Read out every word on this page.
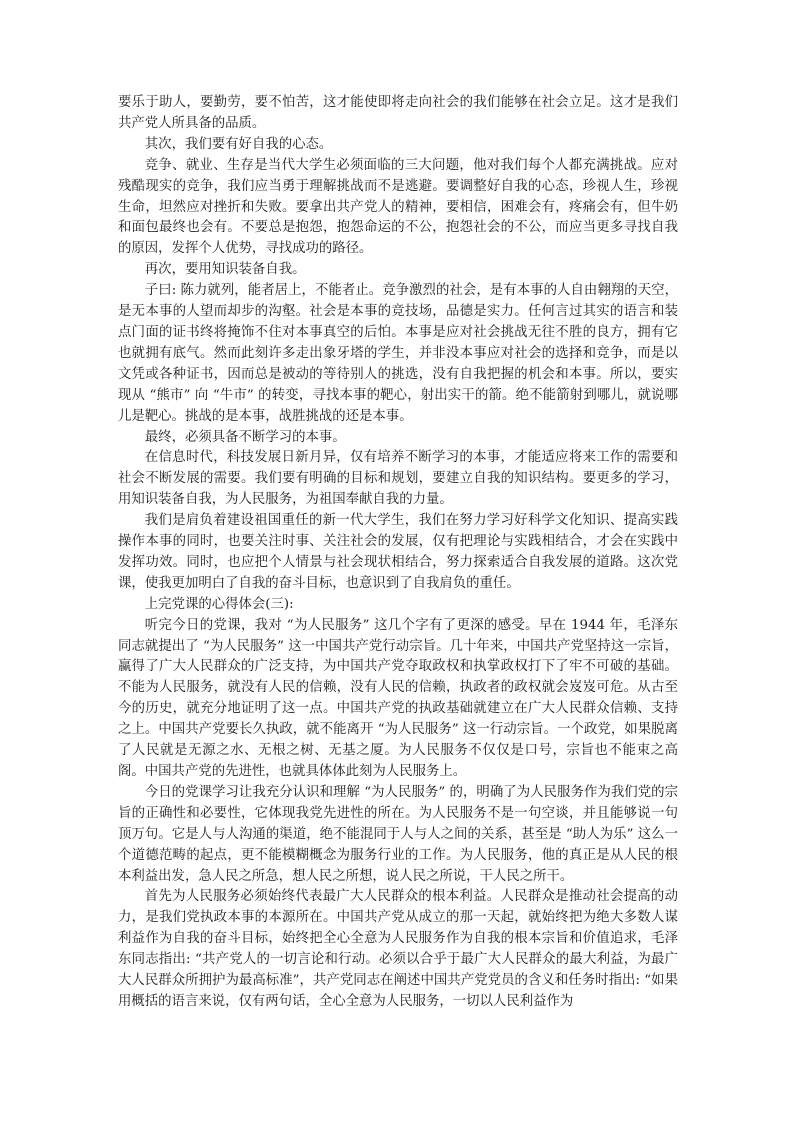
要乐于助人，要勤劳，要不怕苦，这才能使即将走向社会的我们能够在社会立足。这才是我们共产党人所具备的品质。

其次，我们要有好自我的心态。

竞争、就业、生存是当代大学生必须面临的三大问题，他对我们每个人都充满挑战。应对残酷现实的竞争，我们应当勇于理解挑战而不是逃避。要调整好自我的心态，珍视人生，珍视生命，坦然应对挫折和失败。要拿出共产党人的精神，要相信，困难会有，疼痛会有，但牛奶和面包最终也会有。不要总是抱怨，抱怨命运的不公，抱怨社会的不公，而应当更多寻找自我的原因，发挥个人优势，寻找成功的路径。

再次，要用知识装备自我。

子曰: 陈力就列，能者居上，不能者止。竞争激烈的社会，是有本事的人自由翱翔的天空，是无本事的人望而却步的沟壑。社会是本事的竞技场，品德是实力。任何言过其实的语言和装点门面的证书终将掩饰不住对本事真空的后怕。本事是应对社会挑战无往不胜的良方，拥有它也就拥有底气。然而此刻许多走出象牙塔的学生，并非没本事应对社会的选择和竞争，而是以文凭或各种证书，因而总是被动的等待别人的挑选，没有自我把握的机会和本事。所以，要实现从 “熊市” 向 “牛市” 的转变，寻找本事的靶心，射出实干的箭。绝不能箭射到哪儿，就说哪儿是靶心。挑战的是本事，战胜挑战的还是本事。

最终，必须具备不断学习的本事。

在信息时代，科技发展日新月异，仅有培养不断学习的本事，才能适应将来工作的需要和社会不断发展的需要。我们要有明确的目标和规划，要建立自我的知识结构。要更多的学习，用知识装备自我，为人民服务，为祖国奉献自我的力量。

我们是肩负着建设祖国重任的新一代大学生，我们在努力学习好科学文化知识、提高实践操作本事的同时，也要关注时事、关注社会的发展，仅有把理论与实践相结合，才会在实践中发挥功效。同时，也应把个人情景与社会现状相结合，努力探索适合自我发展的道路。这次党课，使我更加明白了自我的奋斗目标，也意识到了自我肩负的重任。

上完党课的心得体会(三):

听完今日的党课，我对 “为人民服务” 这几个字有了更深的感受。早在 1944 年，毛泽东同志就提出了 “为人民服务” 这一中国共产党行动宗旨。几十年来，中国共产党坚持这一宗旨，赢得了广大人民群众的广泛支持，为中国共产党夺取政权和执掌政权打下了牢不可破的基础。不能为人民服务，就没有人民的信赖，没有人民的信赖，执政者的政权就会岌岌可危。从古至今的历史，就充分地证明了这一点。中国共产党的执政基础就建立在广大人民群众信赖、支持之上。中国共产党要长久执政，就不能离开 “为人民服务” 这一行动宗旨。一个政党，如果脱离了人民就是无源之水、无根之树、无基之厦。为人民服务不仅仅是口号，宗旨也不能束之高阁。中国共产党的先进性，也就具体体此刻为人民服务上。

今日的党课学习让我充分认识和理解 “为人民服务” 的，明确了为人民服务作为我们党的宗旨的正确性和必要性，它体现我党先进性的所在。为人民服务不是一句空谈，并且能够说一句顶万句。它是人与人沟通的渠道，绝不能混同于人与人之间的关系，甚至是 “助人为乐” 这么一个道德范畴的起点，更不能模糊概念为服务行业的工作。为人民服务，他的真正是从人民的根本利益出发，急人民之所急，想人民之所想，说人民之所说，干人民之所干。

首先为人民服务必须始终代表最广大人民群众的根本利益。人民群众是推动社会提高的动力，是我们党执政本事的本源所在。中国共产党从成立的那一天起，就始终把为绝大多数人谋利益作为自我的奋斗目标，始终把全心全意为人民服务作为自我的根本宗旨和价值追求，毛泽东同志指出: “共产党人的一切言论和行动。必须以合乎于最广大人民群众的最大利益，为最广大人民群众所拥护为最高标准”，共产党同志在阐述中国共产党党员的含义和任务时指出: “如果用概括的语言来说，仅有两句话，全心全意为人民服务，一切以人民利益作为
